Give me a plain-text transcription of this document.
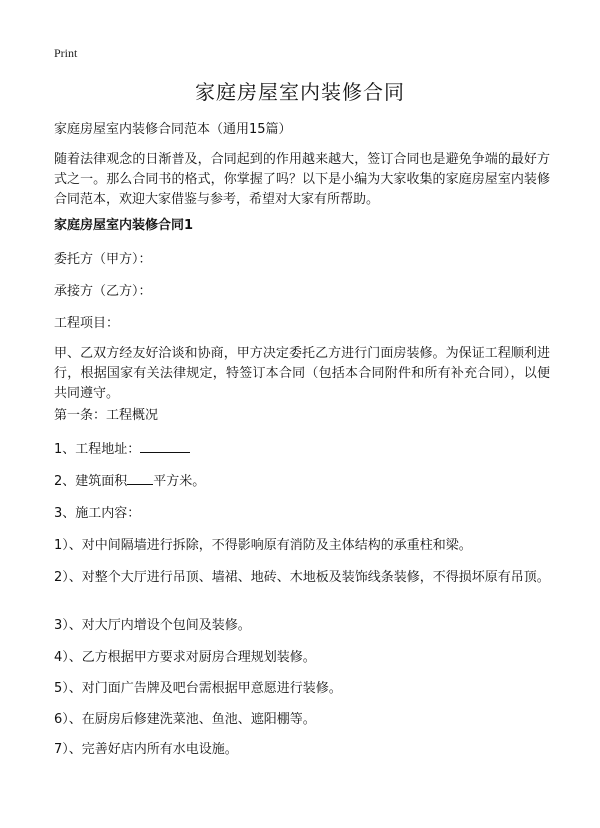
Print
家庭房屋室内装修合同

家庭房屋室内装修合同范本（通用15篇）

随着法律观念的日渐普及，合同起到的作用越来越大，签订合同也是避免争端的最好方式之一。那么合同书的格式，你掌握了吗？以下是小编为大家收集的家庭房屋室内装修合同范本，欢迎大家借鉴与参考，希望对大家有所帮助。

家庭房屋室内装修合同1

委托方（甲方）：

承接方（乙方）：

工程项目：

甲、乙双方经友好洽谈和协商，甲方决定委托乙方进行门面房装修。为保证工程顺利进行，根据国家有关法律规定，特签订本合同（包括本合同附件和所有补充合同），以便共同遵守。

第一条：工程概况

1、工程地址：

2、建筑面积 平方米。

3、施工内容：

1）、对中间隔墙进行拆除，不得影响原有消防及主体结构的承重柱和梁。

2）、对整个大厅进行吊顶、墙裙、地砖、木地板及装饰线条装修，不得损坏原有吊顶。

3）、对大厅内增设个包间及装修。

4）、乙方根据甲方要求对厨房合理规划装修。

5）、对门面广告牌及吧台需根据甲意愿进行装修。

6）、在厨房后修建洗菜池、鱼池、遮阳棚等。

7）、完善好店内所有水电设施。
